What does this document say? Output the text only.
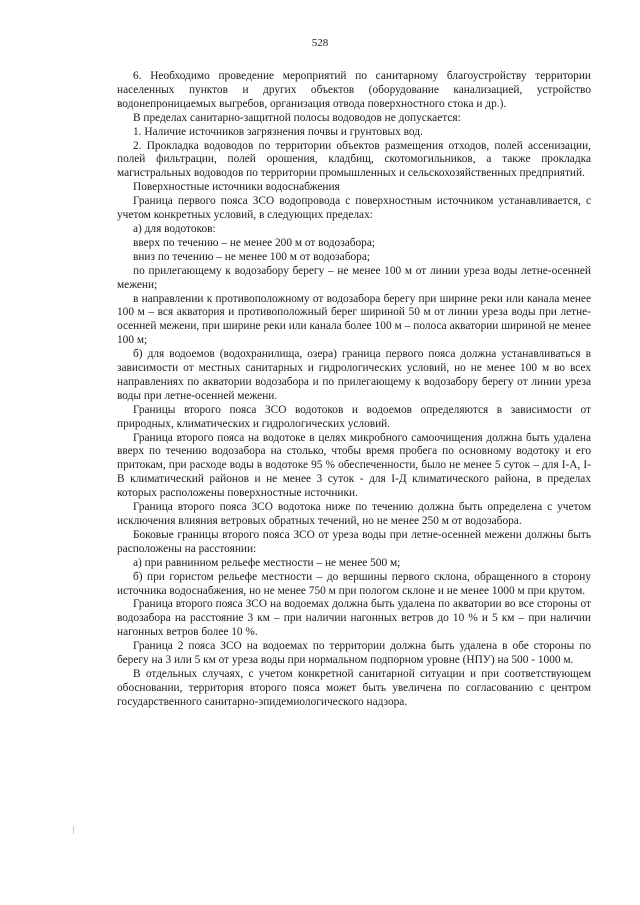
528

6. Необходимо проведение мероприятий по санитарному благоустройству территории населенных пунктов и других объектов (оборудование канализацией, устройство водонепроницаемых выгребов, организация отвода поверхностного стока и др.).

В пределах санитарно-защитной полосы водоводов не допускается:

1. Наличие источников загрязнения почвы и грунтовых вод.

2. Прокладка водоводов по территории объектов размещения отходов, полей ассенизации, полей фильтрации, полей орошения, кладбищ, скотомогильников, а также прокладка магистральных водоводов по территории промышленных и сельскохозяйственных предприятий.

Поверхностные источники водоснабжения

Граница первого пояса ЗСО водопровода с поверхностным источником устанавливается, с учетом конкретных условий, в следующих пределах:

а) для водотоков:

вверх по течению – не менее 200 м от водозабора;

вниз по течению – не менее 100 м от водозабора;

по прилегающему к водозабору берегу – не менее 100 м от линии уреза воды летне-осенней межени;

в направлении к противоположному от водозабора берегу при ширине реки или канала менее 100 м – вся акватория и противоположный берег шириной 50 м от линии уреза воды при летне-осенней межени, при ширине реки или канала более 100 м – полоса акватории шириной не менее 100 м;

б) для водоемов (водохранилища, озера) граница первого пояса должна устанавливаться в зависимости от местных санитарных и гидрологических условий, но не менее 100 м во всех направлениях по акватории водозабора и по прилегающему к водозабору берегу от линии уреза воды при летне-осенней межени.

Границы второго пояса ЗСО водотоков и водоемов определяются в зависимости от природных, климатических и гидрологических условий.

Граница второго пояса на водотоке в целях микробного самоочищения должна быть удалена вверх по течению водозабора на столько, чтобы время пробега по основному водотоку и его притокам, при расходе воды в водотоке 95 % обеспеченности, было не менее 5 суток – для I-А, I-В климатический районов и не менее 3 суток - для I-Д климатического района, в пределах которых расположены поверхностные источники.

Граница второго пояса ЗСО водотока ниже по течению должна быть определена с учетом исключения влияния ветровых обратных течений, но не менее 250 м от водозабора.

Боковые границы второго пояса ЗСО от уреза воды при летне-осенней межени должны быть расположены на расстоянии:

а) при равнинном рельефе местности – не менее 500 м;

б) при гористом рельефе местности – до вершины первого склона, обращенного в сторону источника водоснабжения, но не менее 750 м при пологом склоне и не менее 1000 м при крутом.

Граница второго пояса ЗСО на водоемах должна быть удалена по акватории во все стороны от водозабора на расстояние 3 км – при наличии нагонных ветров до 10 % и 5 км – при наличии нагонных ветров более 10 %.

Граница 2 пояса ЗСО на водоемах по территории должна быть удалена в обе стороны по берегу на 3 или 5 км от уреза воды при нормальном подпорном уровне (НПУ) на 500 - 1000 м.

В отдельных случаях, с учетом конкретной санитарной ситуации и при соответствующем обосновании, территория второго пояса может быть увеличена по согласованию с центром государственного санитарно-эпидемиологического надзора.
